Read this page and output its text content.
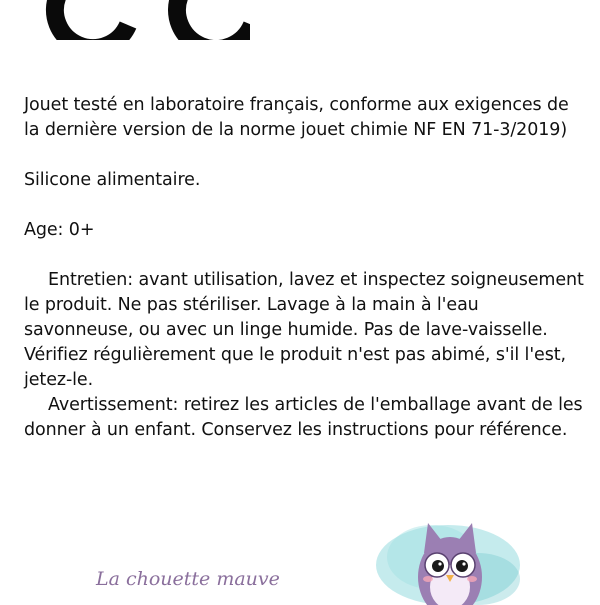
Jouet testé en laboratoire français, conforme aux exigences de la dernière version de la norme jouet chimie NF EN 71-3/2019)

Silicone alimentaire.

Age: 0+

Entretien: avant utilisation, lavez et inspectez soigneusement le produit. Ne pas stériliser. Lavage à la main à l'eau savonneuse, ou avec un linge humide. Pas de lave-vaisselle. Vérifiez régulièrement que le produit n'est pas abimé, s'il l'est, jetez-le.

Avertissement: retirez les articles de l'emballage avant de les donner à un enfant. Conservez les instructions pour référence.

La chouette mauve
